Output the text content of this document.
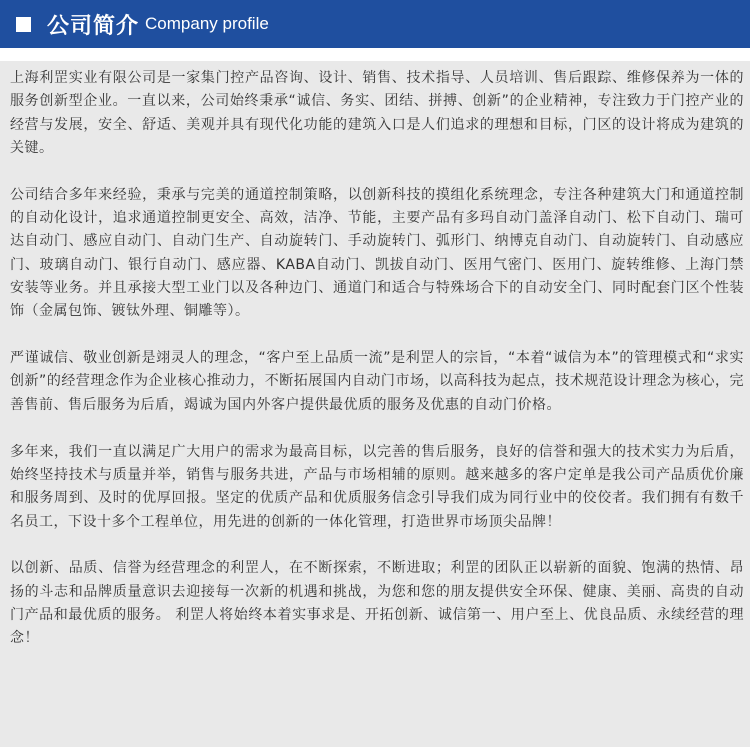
公司简介 Company profile

上海利罡实业有限公司是一家集门控产品咨询、设计、销售、技术指导、人员培训、售后跟踪、维修保养为一体的服务创新型企业。一直以来，公司始终秉承“诚信、务实、团结、拼搏、创新”的企业精神，专注致力于门控产业的经营与发展，安全、舒适、美观并具有现代化功能的建筑入口是人们追求的理想和目标，门区的设计将成为建筑的关键。

公司结合多年来经验，秉承与完美的通道控制策略，以创新科技的摸组化系统理念，专注各种建筑大门和通道控制的自动化设计，追求通道控制更安全、高效，洁净、节能，主要产品有多玛自动门盖泽自动门、松下自动门、瑞可达自动门、感应自动门、自动门生产、自动旋转门、手动旋转门、弧形门、纳博克自动门、自动旋转门、自动感应门、玻璃自动门、银行自动门、感应器、KABA自动门、凯拔自动门、医用气密门、医用门、旋转维修、上海门禁安装等业务。并且承接大型工业门以及各种边门、通道门和适合与特殊场合下的自动安全门、同时配套门区个性装饰（金属包饰、镀钛外理、铜雕等）。

严谨诚信、敬业创新是翊灵人的理念，“客户至上品质一流”是利罡人的宗旨，“本着“诚信为本”的管理模式和“求实创新”的经营理念作为企业核心推动力，不断拓展国内自动门市场，以高科技为起点，技术规范设计理念为核心，完善售前、售后服务为后盾，竭诚为国内外客户提供最优质的服务及优惠的自动门价格。

多年来，我们一直以满足广大用户的需求为最高目标，以完善的售后服务，良好的信誉和强大的技术实力为后盾，始终坚持技术与质量并举，销售与服务共进，产品与市场相辅的原则。越来越多的客户定单是我公司产品质优价廉和服务周到、及时的优厚回报。坚定的优质产品和优质服务信念引导我们成为同行业中的佼佼者。我们拥有有数千名员工，下设十多个工程单位，用先进的创新的一体化管理，打造世界市场顶尖品牌！

以创新、品质、信誉为经营理念的利罡人，在不断探索，不断进取；利罡的团队正以崭新的面貌、饱满的热情、昂扬的斗志和品牌质量意识去迎接每一次新的机遇和挑战，为您和您的朋友提供安全环保、健康、美丽、高贵的自动门产品和最优质的服务。 利罡人将始终本着实事求是、开拓创新、诚信第一、用户至上、优良品质、永续经营的理念！
